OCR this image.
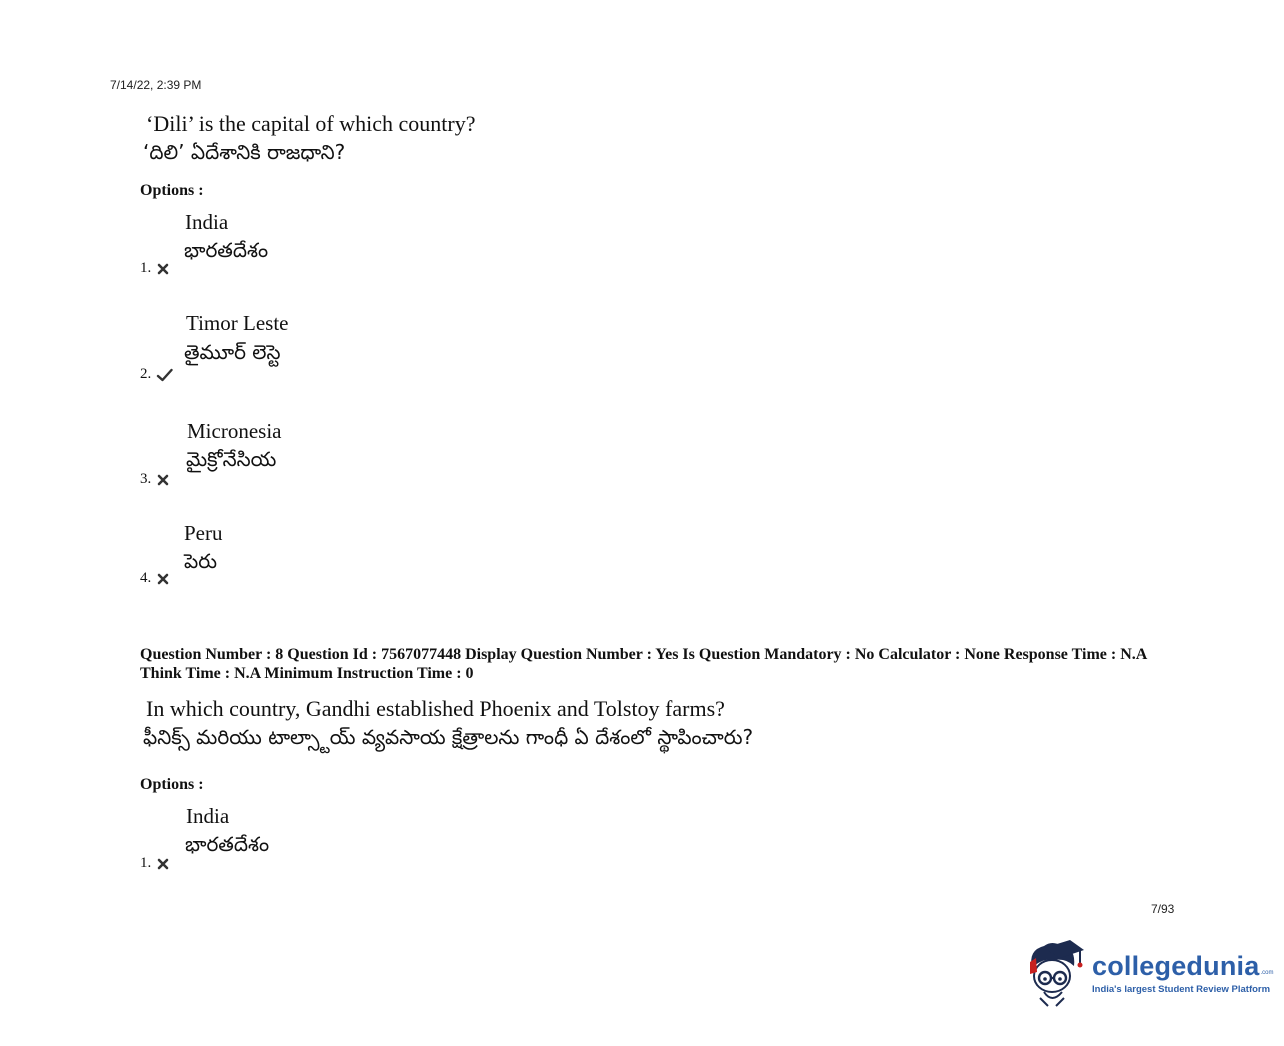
7/14/22, 2:39 PM
‘Dili’ is the capital of which country?
‘దిలి’ ఏదేశానికి రాజధాని?
Options :
India
భారతదేశం
1.
Timor Leste
తైమూర్ లెస్టె
2.
Micronesia
మైక్రోనేసియ
3.
Peru
పెరు
4.
Question Number : 8 Question Id : 7567077448 Display Question Number : Yes Is Question Mandatory : No Calculator : None Response Time : N.A Think Time : N.A Minimum Instruction Time : 0
In which country, Gandhi established Phoenix and Tolstoy farms?
ఫీనిక్స్ మరియు టాల్స్టాయ్ వ్యవసాయ క్షేత్రాలను గాంధీ ఏ దేశంలో స్థాపించారు?
Options :
India
భారతదేశం
1.
7/93
collegedunia .com
India's largest Student Review Platform
